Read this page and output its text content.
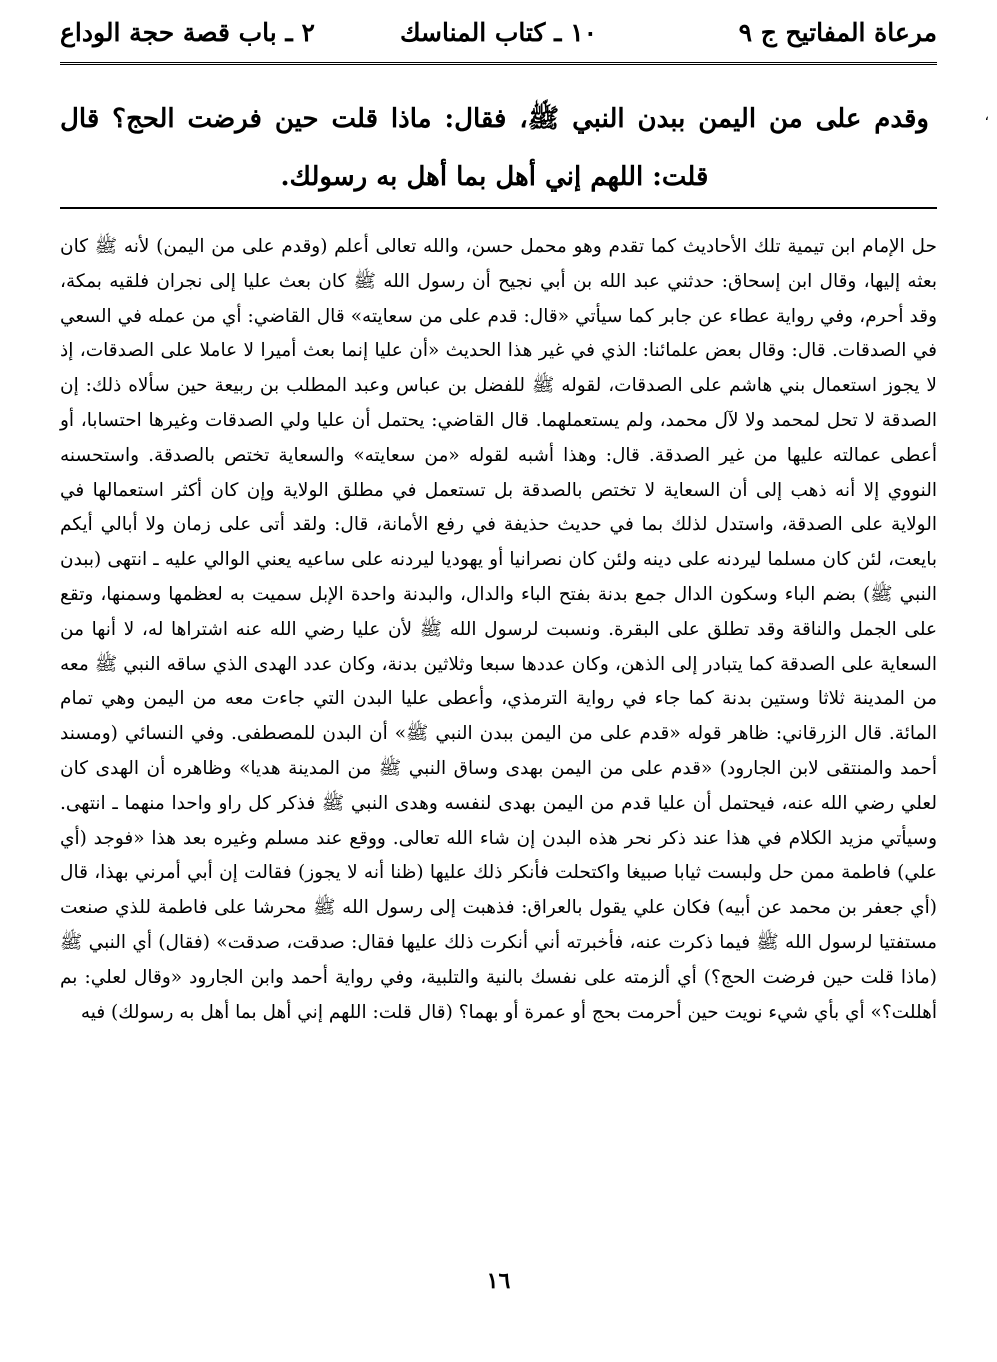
مرعاة المفاتيح ج ٩
١٠ ـ كتاب المناسك
٢ ـ باب قصة حجة الوداع
،
وقدم على من اليمن ببدن النبي ﷺ، فقال: ماذا قلت حين فرضت الحج؟ قال قلت: اللهم إني أهل بما أهل به رسولك.
حل الإمام ابن تيمية تلك الأحاديث كما تقدم وهو محمل حسن، والله تعالى أعلم (وقدم على من اليمن) لأنه ﷺ كان بعثه إليها، وقال ابن إسحاق: حدثني عبد الله بن أبي نجيح أن رسول الله ﷺ كان بعث عليا إلى نجران فلقيه بمكة، وقد أحرم، وفي رواية عطاء عن جابر كما سيأتي «قال: قدم على من سعايته» قال القاضي: أي من عمله في السعي في الصدقات. قال: وقال بعض علمائنا: الذي في غير هذا الحديث «أن عليا إنما بعث أميرا لا عاملا على الصدقات، إذ لا يجوز استعمال بني هاشم على الصدقات، لقوله ﷺ للفضل بن عباس وعبد المطلب بن ربيعة حين سألاه ذلك: إن الصدقة لا تحل لمحمد ولا لآل محمد، ولم يستعملهما. قال القاضي: يحتمل أن عليا ولي الصدقات وغيرها احتسابا، أو أعطى عمالته عليها من غير الصدقة. قال: وهذا أشبه لقوله «من سعايته» والسعاية تختص بالصدقة. واستحسنه النووي إلا أنه ذهب إلى أن السعاية لا تختص بالصدقة بل تستعمل في مطلق الولاية وإن كان أكثر استعمالها في الولاية على الصدقة، واستدل لذلك بما في حديث حذيفة في رفع الأمانة، قال: ولقد أتى على زمان ولا أبالي أيكم بايعت، لئن كان مسلما ليردنه على دينه ولئن كان نصرانيا أو يهوديا ليردنه على ساعيه يعني الوالي عليه ـ انتهى (ببدن النبي ﷺ) بضم الباء وسكون الدال جمع بدنة بفتح الباء والدال، والبدنة واحدة الإبل سميت به لعظمها وسمنها، وتقع على الجمل والناقة وقد تطلق على البقرة. ونسبت لرسول الله ﷺ لأن عليا رضي الله عنه اشتراها له، لا أنها من السعاية على الصدقة كما يتبادر إلى الذهن، وكان عددها سبعا وثلاثين بدنة، وكان عدد الهدى الذي ساقه النبي ﷺ معه من المدينة ثلاثا وستين بدنة كما جاء في رواية الترمذي، وأعطى عليا البدن التي جاءت معه من اليمن وهي تمام المائة. قال الزرقاني: ظاهر قوله «قدم على من اليمن ببدن النبي ﷺ» أن البدن للمصطفى. وفي النسائي (ومسند أحمد والمنتقى لابن الجارود) «قدم على من اليمن بهدى وساق النبي ﷺ من المدينة هديا» وظاهره أن الهدى كان لعلي رضي الله عنه، فيحتمل أن عليا قدم من اليمن بهدى لنفسه وهدى النبي ﷺ فذكر كل راو واحدا منهما ـ انتهى. وسيأتي مزيد الكلام في هذا عند ذكر نحر هذه البدن إن شاء الله تعالى. ووقع عند مسلم وغيره بعد هذا «فوجد (أي علي) فاطمة ممن حل ولبست ثيابا صبيغا واكتحلت فأنكر ذلك عليها (ظنا أنه لا يجوز) فقالت إن أبي أمرني بهذا، قال (أي جعفر بن محمد عن أبيه) فكان علي يقول بالعراق: فذهبت إلى رسول الله ﷺ محرشا على فاطمة للذي صنعت مستفتيا لرسول الله ﷺ فيما ذكرت عنه، فأخبرته أني أنكرت ذلك عليها فقال: صدقت، صدقت» (فقال) أي النبي ﷺ (ماذا قلت حين فرضت الحج؟) أي ألزمته على نفسك بالنية والتلبية، وفي رواية أحمد وابن الجارود «وقال لعلي: بم أهللت؟» أي بأي شيء نويت حين أحرمت بحج أو عمرة أو بهما؟ (قال قلت: اللهم إني أهل بما أهل به رسولك) فيه
١٦
